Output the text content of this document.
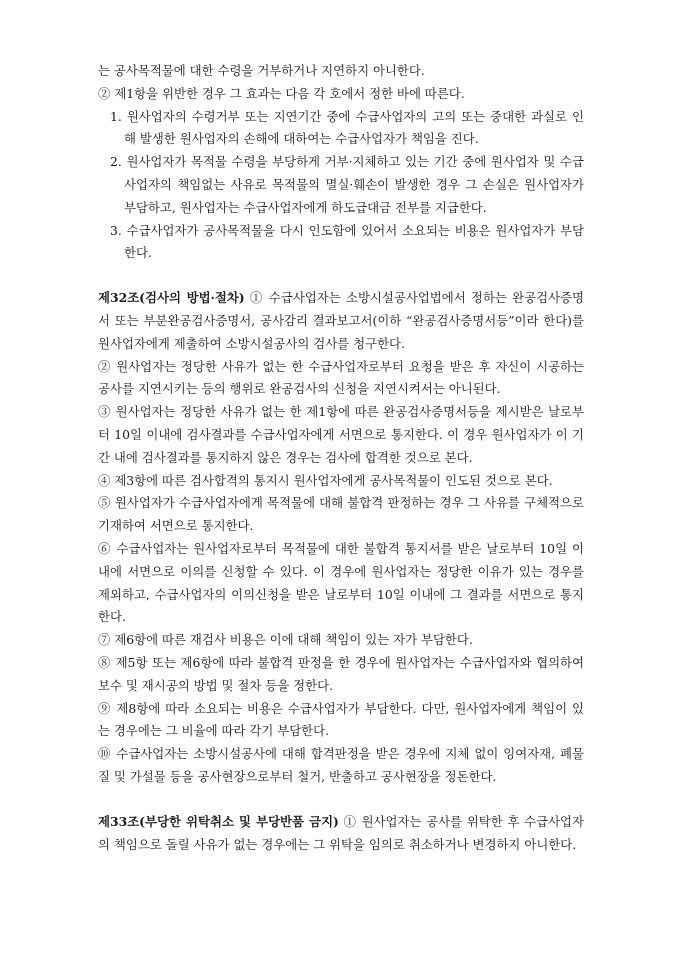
는 공사목적물에 대한 수령을 거부하거나 지연하지 아니한다.

② 제1항을 위반한 경우 그 효과는 다음 각 호에서 정한 바에 따른다.

1. 원사업자의 수령거부 또는 지연기간 중에 수급사업자의 고의 또는 중대한 과실로 인해 발생한 원사업자의 손해에 대하여는 수급사업자가 책임을 진다.

2. 원사업자가 목적물 수령을 부당하게 거부·지체하고 있는 기간 중에 원사업자 및 수급사업자의 책임없는 사유로 목적물의 멸실·훼손이 발생한 경우 그 손실은 원사업자가 부담하고, 원사업자는 수급사업자에게 하도급대금 전부를 지급한다.

3. 수급사업자가 공사목적물을 다시 인도함에 있어서 소요되는 비용은 원사업자가 부담한다.

제32조(검사의 방법·절차) ① 수급사업자는 소방시설공사업법에서 정하는 완공검사증명서 또는 부분완공검사증명서, 공사감리 결과보고서(이하 “완공검사증명서등”이라 한다)를 원사업자에게 제출하여 소방시설공사의 검사를 청구한다.

② 원사업자는 정당한 사유가 없는 한 수급사업자로부터 요청을 받은 후 자신이 시공하는 공사를 지연시키는 등의 행위로 완공검사의 신청을 지연시켜서는 아니된다.

③ 원사업자는 정당한 사유가 없는 한 제1항에 따른 완공검사증명서등을 제시받은 날로부터 10일 이내에 검사결과를 수급사업자에게 서면으로 통지한다. 이 경우 원사업자가 이 기간 내에 검사결과를 통지하지 않은 경우는 검사에 합격한 것으로 본다.

④ 제3항에 따른 검사합격의 통지시 원사업자에게 공사목적물이 인도된 것으로 본다.

⑤ 원사업자가 수급사업자에게 목적물에 대해 불합격 판정하는 경우 그 사유를 구체적으로 기재하여 서면으로 통지한다.

⑥ 수급사업자는 원사업자로부터 목적물에 대한 불합격 통지서를 받은 날로부터 10일 이내에 서면으로 이의를 신청할 수 있다. 이 경우에 원사업자는 정당한 이유가 있는 경우를 제외하고, 수급사업자의 이의신청을 받은 날로부터 10일 이내에 그 결과를 서면으로 통지한다.

⑦ 제6항에 따른 재검사 비용은 이에 대해 책임이 있는 자가 부담한다.

⑧ 제5항 또는 제6항에 따라 불합격 판정을 한 경우에 원사업자는 수급사업자와 협의하여 보수 및 재시공의 방법 및 절차 등을 정한다.

⑨ 제8항에 따라 소요되는 비용은 수급사업자가 부담한다. 다만, 원사업자에게 책임이 있는 경우에는 그 비율에 따라 각기 부담한다.

⑩ 수급사업자는 소방시설공사에 대해 합격판정을 받은 경우에 지체 없이 잉여자재, 폐물질 및 가설물 등을 공사현장으로부터 철거, 반출하고 공사현장을 정돈한다.

제33조(부당한 위탁취소 및 부당반품 금지) ① 원사업자는 공사를 위탁한 후 수급사업자의 책임으로 돌릴 사유가 없는 경우에는 그 위탁을 임의로 취소하거나 변경하지 아니한다.
